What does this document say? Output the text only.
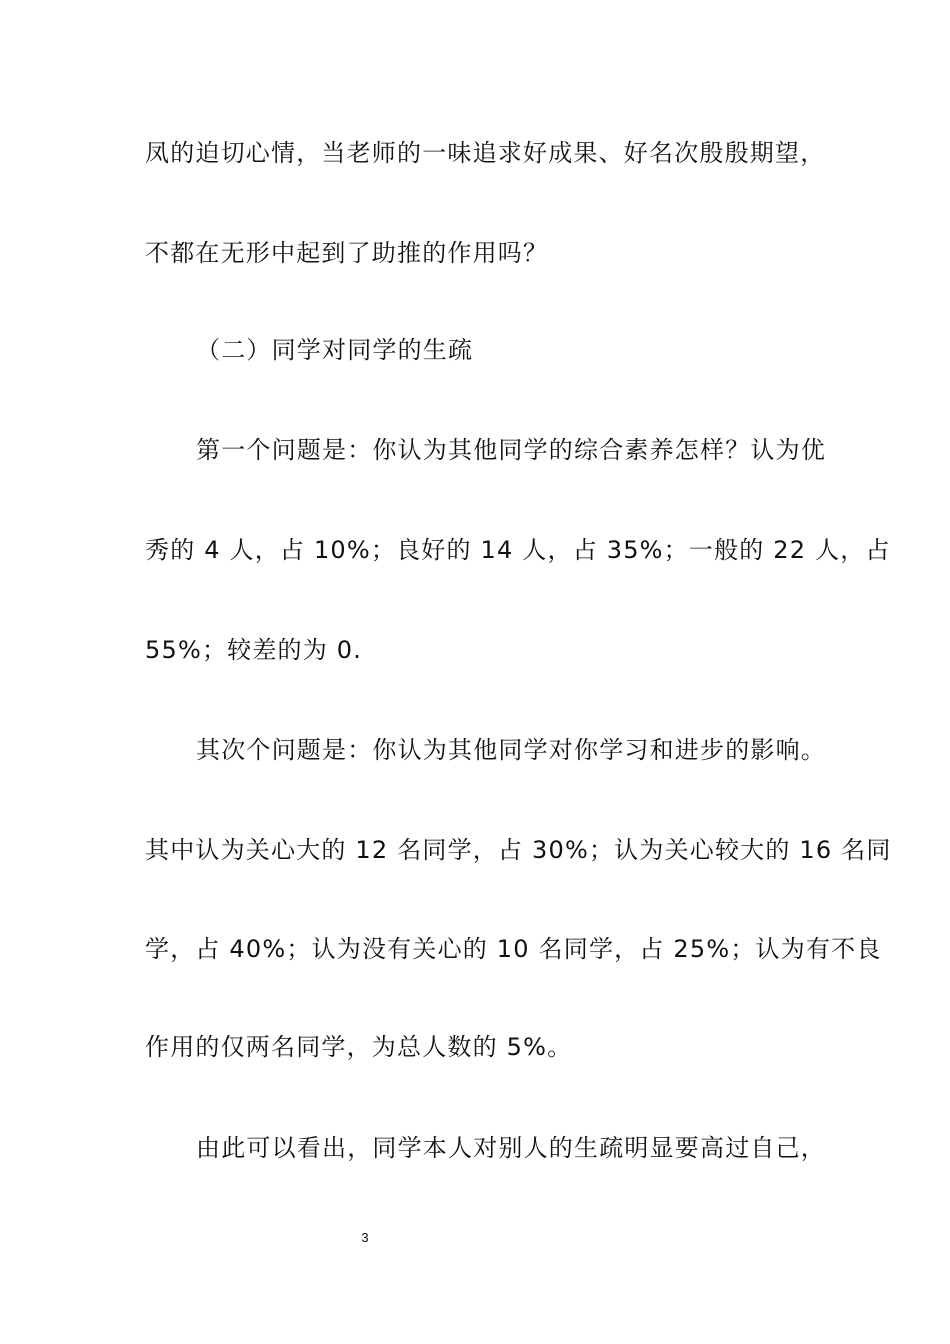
凤的迫切心情，当老师的一味追求好成果、好名次殷殷期望，
不都在无形中起到了助推的作用吗？
（二）同学对同学的生疏
第一个问题是：你认为其他同学的综合素养怎样？认为优
秀的 4 人，占 10%；良好的 14 人，占 35%；一般的 22 人，占
55%；较差的为 0.
其次个问题是：你认为其他同学对你学习和进步的影响。
其中认为关心大的 12 名同学，占 30%；认为关心较大的 16 名同
学，占 40%；认为没有关心的 10 名同学，占 25%；认为有不良
作用的仅两名同学，为总人数的 5%。
由此可以看出，同学本人对别人的生疏明显要高过自己，
3
